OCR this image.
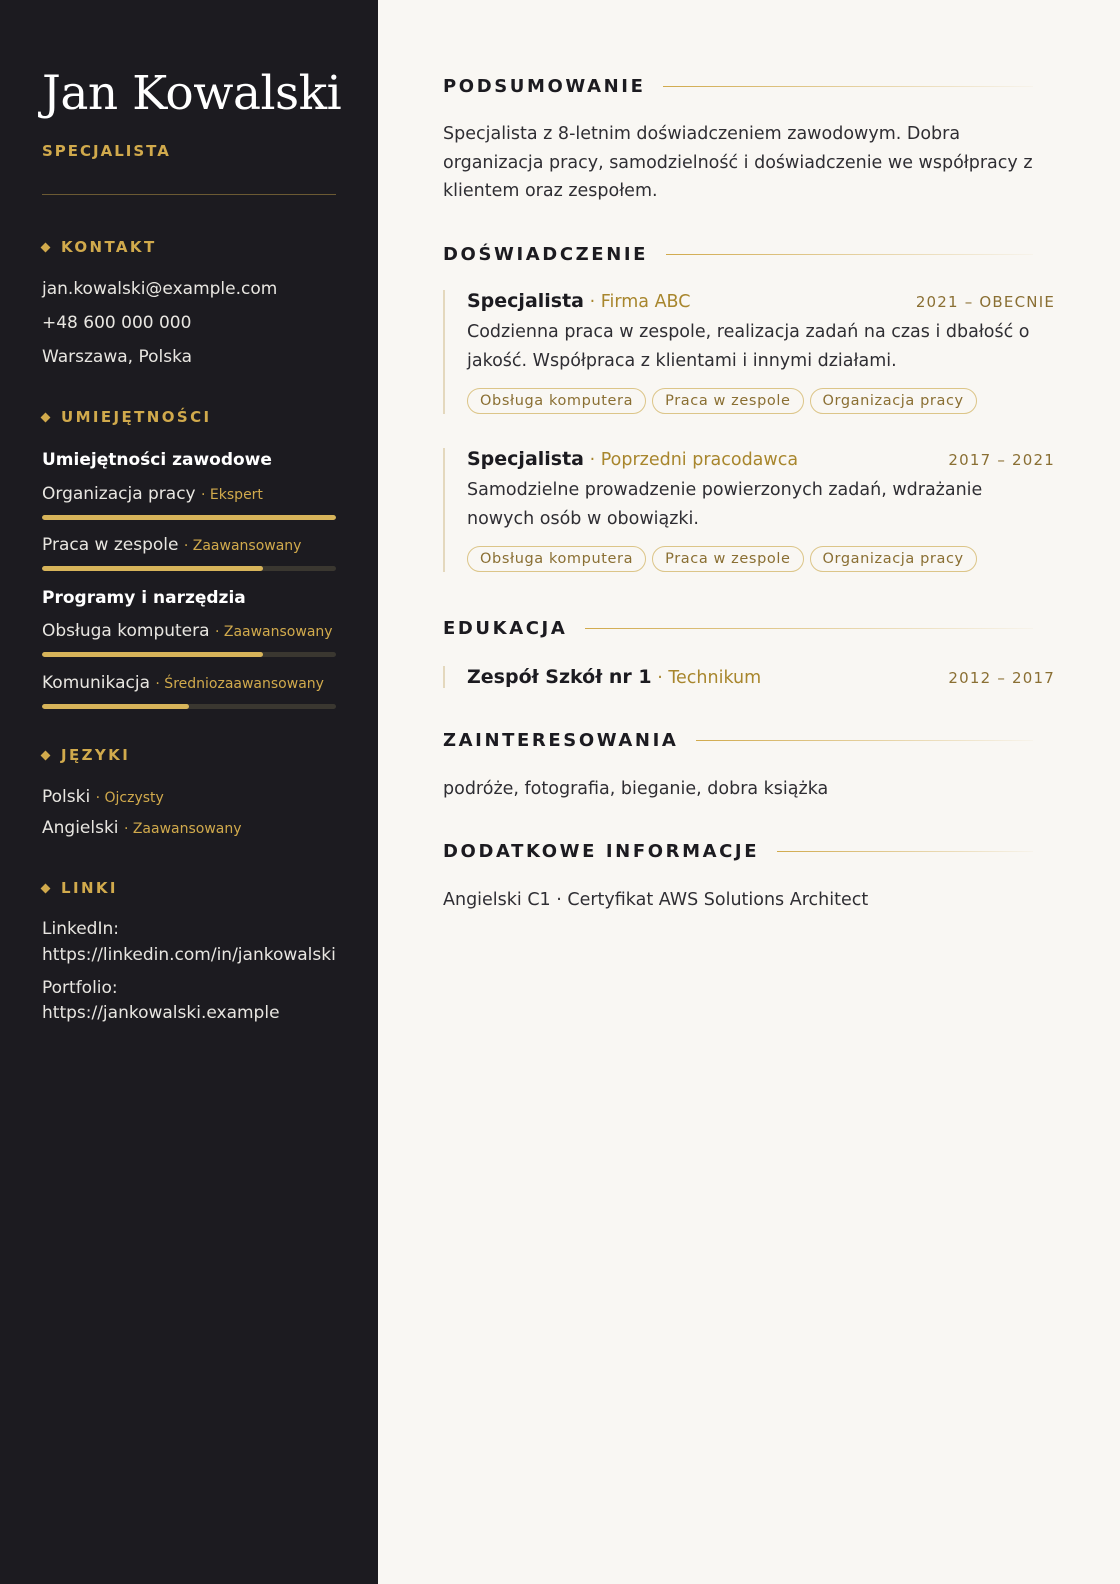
Jan Kowalski
SPECJALISTA
KONTAKT
jan.kowalski@example.com
+48 600 000 000
Warszawa, Polska
UMIEJĘTNOŚCI
Umiejętności zawodowe
Organizacja pracy · Ekspert
Praca w zespole · Zaawansowany
Programy i narzędzia
Obsługa komputera · Zaawansowany
Komunikacja · Średniozaawansowany
JĘZYKI
Polski · Ojczysty
Angielski · Zaawansowany
LINKI
LinkedIn:
https://linkedin.com/in/jankowalski
Portfolio:
https://jankowalski.example
PODSUMOWANIE

Specjalista z 8-letnim doświadczeniem zawodowym. Dobra organizacja pracy, samodzielność i doświadczenie we współpracy z klientem oraz zespołem.

DOŚWIADCZENIE
Specjalista · Firma ABC	2021 – OBECNIE
Codzienna praca w zespole, realizacja zadań na czas i dbałość o jakość. Współpraca z klientami i innymi działami.
Obsługa komputera	Praca w zespole	Organizacja pracy
Specjalista · Poprzedni pracodawca	2017 – 2021
Samodzielne prowadzenie powierzonych zadań, wdrażanie nowych osób w obowiązki.
Obsługa komputera	Praca w zespole	Organizacja pracy
EDUKACJA
Zespół Szkół nr 1 · Technikum	2012 – 2017
ZAINTERESOWANIA

podróże, fotografia, bieganie, dobra książka

DODATKOWE INFORMACJE

Angielski C1 · Certyfikat AWS Solutions Architect
